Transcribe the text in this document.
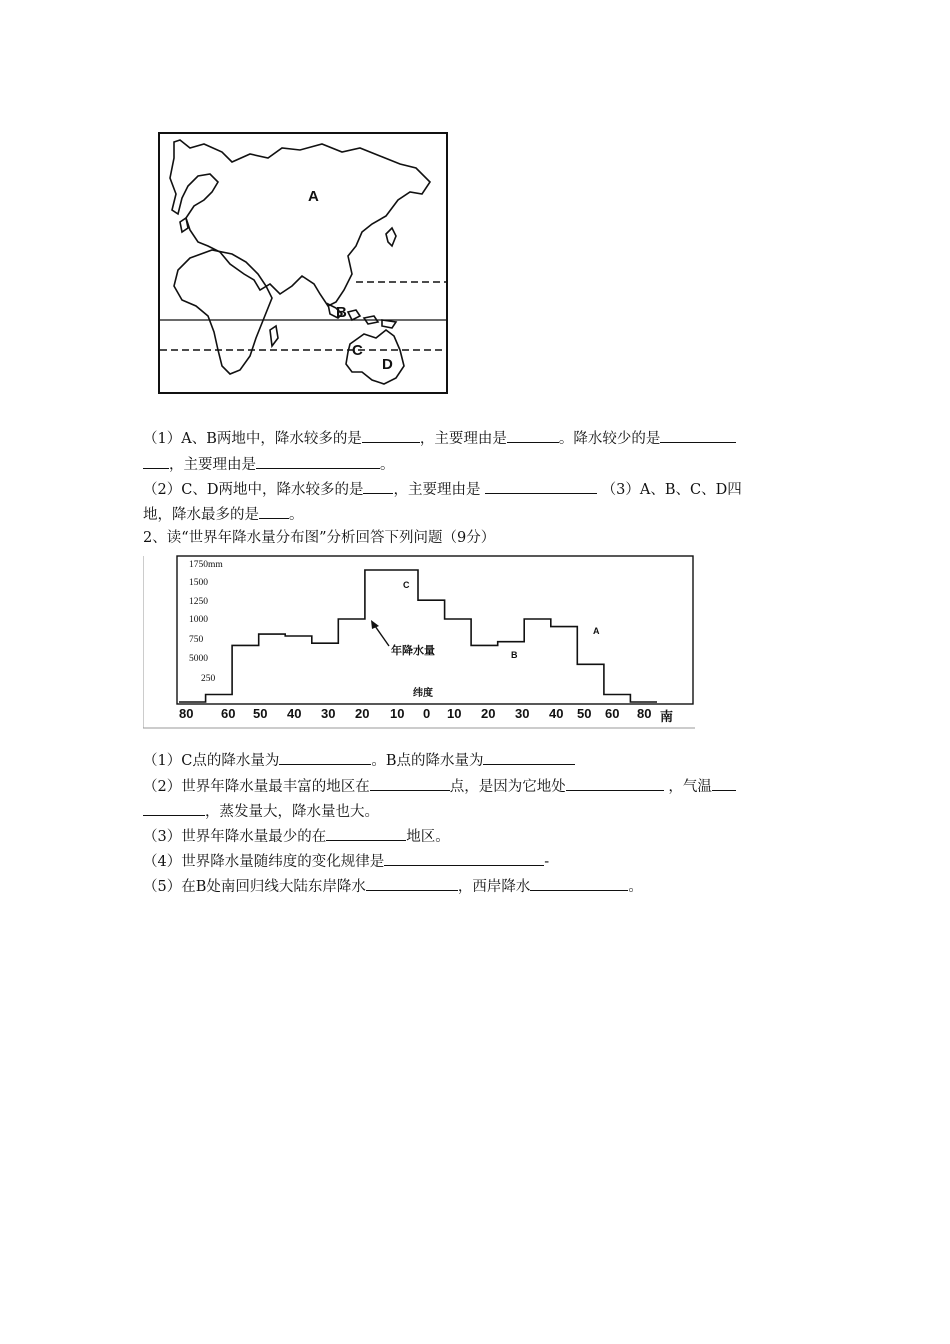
A
B
C
D
（1）A、B两地中，降水较多的是	，主要理由是	。降水较少的是
，主要理由是	。
（2）C、D两地中，降水较多的是 ，主要理由是	（3）A、B、C、D四
地，降水最多的是 。
2、读“世界年降水量分布图”分析回答下列问题（9分）
1750mm
1500
1250
1000
750
5000
250
C
B
A
年降水量
纬度
80 60 50 40 30 20 10 0 10 20 30 40 50 60 80 南
（1）C点的降水量为	。B点的降水量为
（2）世界年降水量最丰富的地区在	点，是因为它地处	，气温
，蒸发量大，降水量也大。
（3）世界年降水量最少的在	地区。
（4）世界降水量随纬度的变化规律是	-
（5）在B处南回归线大陆东岸降水	，西岸降水	。
